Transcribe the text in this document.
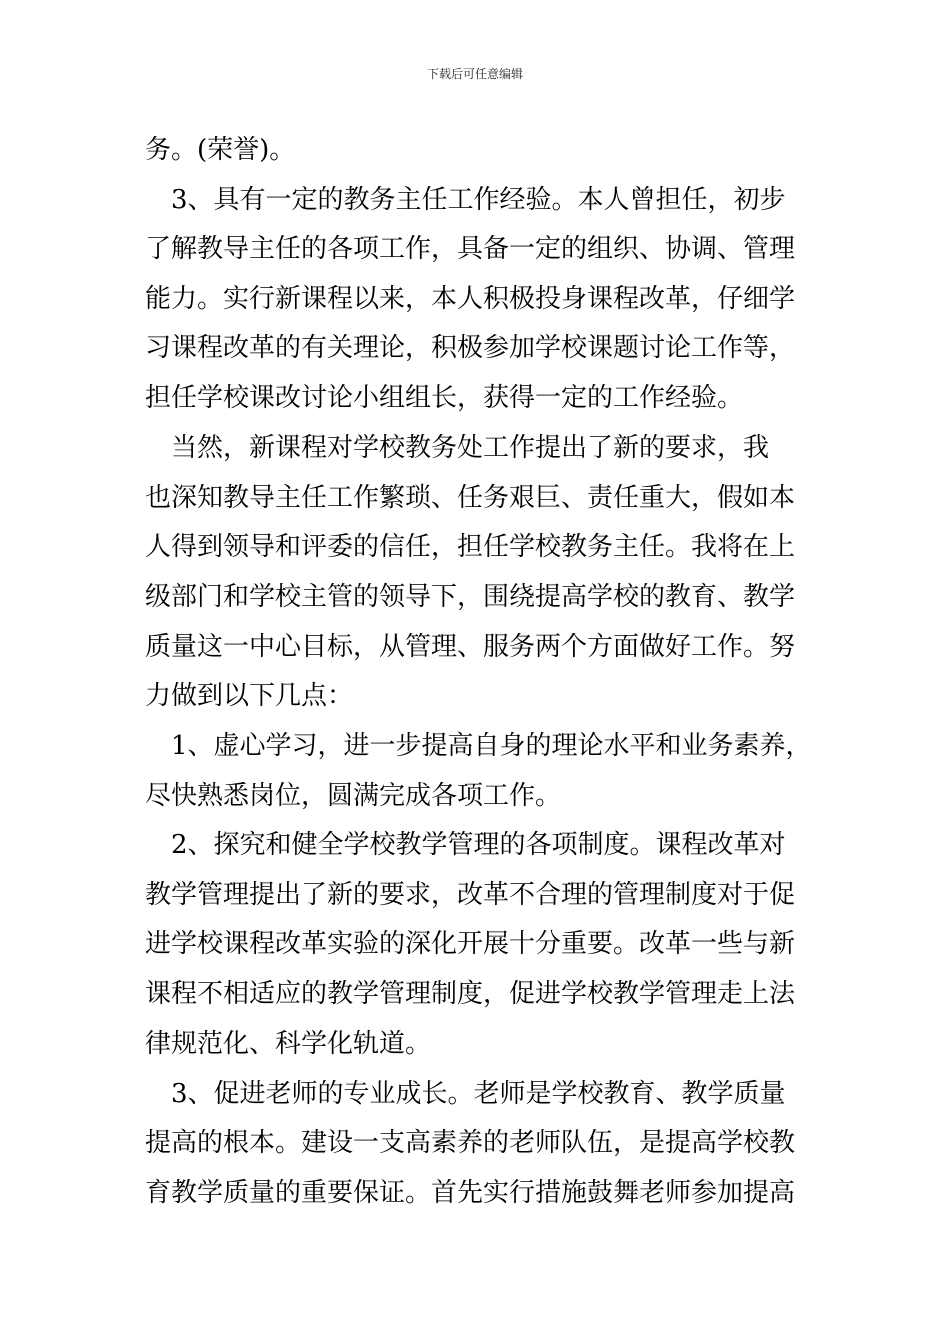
下载后可任意编辑
务。(荣誉)。
　3、具有一定的教务主任工作经验。本人曾担任，初步
了解教导主任的各项工作，具备一定的组织、协调、管理
能力。实行新课程以来，本人积极投身课程改革，仔细学
习课程改革的有关理论，积极参加学校课题讨论工作等，
担任学校课改讨论小组组长，获得一定的工作经验。
　当然，新课程对学校教务处工作提出了新的要求，我
也深知教导主任工作繁琐、任务艰巨、责任重大，假如本
人得到领导和评委的信任，担任学校教务主任。我将在上
级部门和学校主管的领导下，围绕提高学校的教育、教学
质量这一中心目标，从管理、服务两个方面做好工作。努
力做到以下几点：
　1、虚心学习，进一步提高自身的理论水平和业务素养，
尽快熟悉岗位，圆满完成各项工作。
　2、探究和健全学校教学管理的各项制度。课程改革对
教学管理提出了新的要求，改革不合理的管理制度对于促
进学校课程改革实验的深化开展十分重要。改革一些与新
课程不相适应的教学管理制度，促进学校教学管理走上法
律规范化、科学化轨道。
　3、促进老师的专业成长。老师是学校教育、教学质量
提高的根本。建设一支高素养的老师队伍，是提高学校教
育教学质量的重要保证。首先实行措施鼓舞老师参加提高
